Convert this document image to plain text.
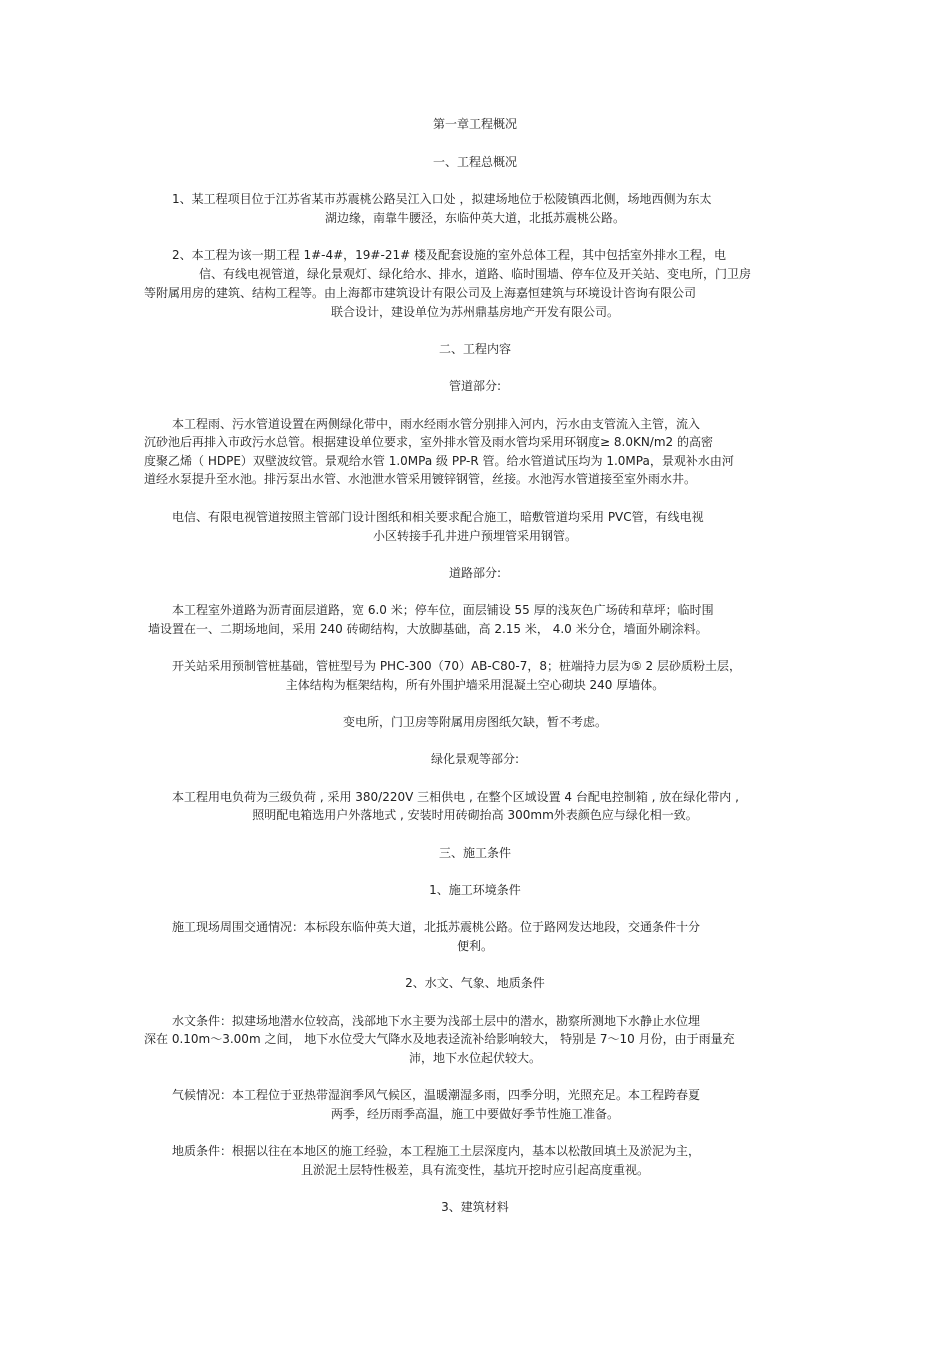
第一章工程概况
一、工程总概况
1、某工程项目位于江苏省某市苏震桃公路吴江入口处 ，拟建场地位于松陵镇西北侧，场地西侧为东太
湖边缘，南靠牛腰泾，东临仲英大道，北抵苏震桃公路。
2、本工程为该一期工程 1#-4#，19#-21# 楼及配套设施的室外总体工程，其中包括室外排水工程，电
信、有线电视管道，绿化景观灯、绿化给水、排水，道路、临时围墙、停车位及开关站、变电所，门卫房
等附属用房的建筑、结构工程等。由上海都市建筑设计有限公司及上海嘉恒建筑与环境设计咨询有限公司
联合设计，建设单位为苏州鼎基房地产开发有限公司。
二、工程内容
管道部分:
本工程雨、污水管道设置在两侧绿化带中，雨水经雨水管分别排入河内，污水由支管流入主管，流入
沉砂池后再排入市政污水总管。根据建设单位要求，室外排水管及雨水管均采用环钢度≥ 8.0KN/m2 的高密
度聚乙烯（ HDPE）双壁波纹管。景观给水管 1.0MPa 级 PP-R 管。给水管道试压均为 1.0MPa，景观补水由河
道经水泵提升至水池。排污泵出水管、水池泄水管采用镀锌钢管，丝接。水池泻水管道接至室外雨水井。
电信、有限电视管道按照主管部门设计图纸和相关要求配合施工，暗敷管道均采用 PVC管，有线电视
小区转接手孔井进户预埋管采用钢管。
道路部分:
本工程室外道路为沥青面层道路，宽 6.0 米；停车位，面层铺设 55 厚的浅灰色广场砖和草坪；临时围
墙设置在一、二期场地间，采用 240 砖砌结构，大放脚基础，高 2.15 米， 4.0 米分仓，墙面外刷涂料。
开关站采用预制管桩基础，管桩型号为 PHC-300（70）AB-C80-7，8；桩端持力层为⑤ 2 层砂质粉土层，
主体结构为框架结构，所有外围护墙采用混凝土空心砌块 240 厚墙体。
变电所，门卫房等附属用房图纸欠缺，暂不考虑。
绿化景观等部分:
本工程用电负荷为三级负荷 , 采用 380/220V 三相供电 , 在整个区域设置 4 台配电控制箱 , 放在绿化带内 ,
照明配电箱选用户外落地式 , 安装时用砖砌抬高 300mm外表颜色应与绿化相一致。
三、施工条件
1、施工环境条件
施工现场周围交通情况：本标段东临仲英大道，北抵苏震桃公路。位于路网发达地段，交通条件十分
便利。
2、水文、气象、地质条件
水文条件：拟建场地潜水位较高，浅部地下水主要为浅部土层中的潜水，勘察所测地下水静止水位埋
深在 0.10m～3.00m 之间， 地下水位受大气降水及地表迳流补给影响较大， 特别是 7～10 月份，由于雨量充
沛，地下水位起伏较大。
气候情况：本工程位于亚热带湿润季风气候区，温暖潮湿多雨，四季分明，光照充足。本工程跨春夏
两季，经历雨季高温，施工中要做好季节性施工准备。
地质条件：根据以往在本地区的施工经验，本工程施工土层深度内，基本以松散回填土及淤泥为主，
且淤泥土层特性极差，具有流变性，基坑开挖时应引起高度重视。
3、建筑材料
